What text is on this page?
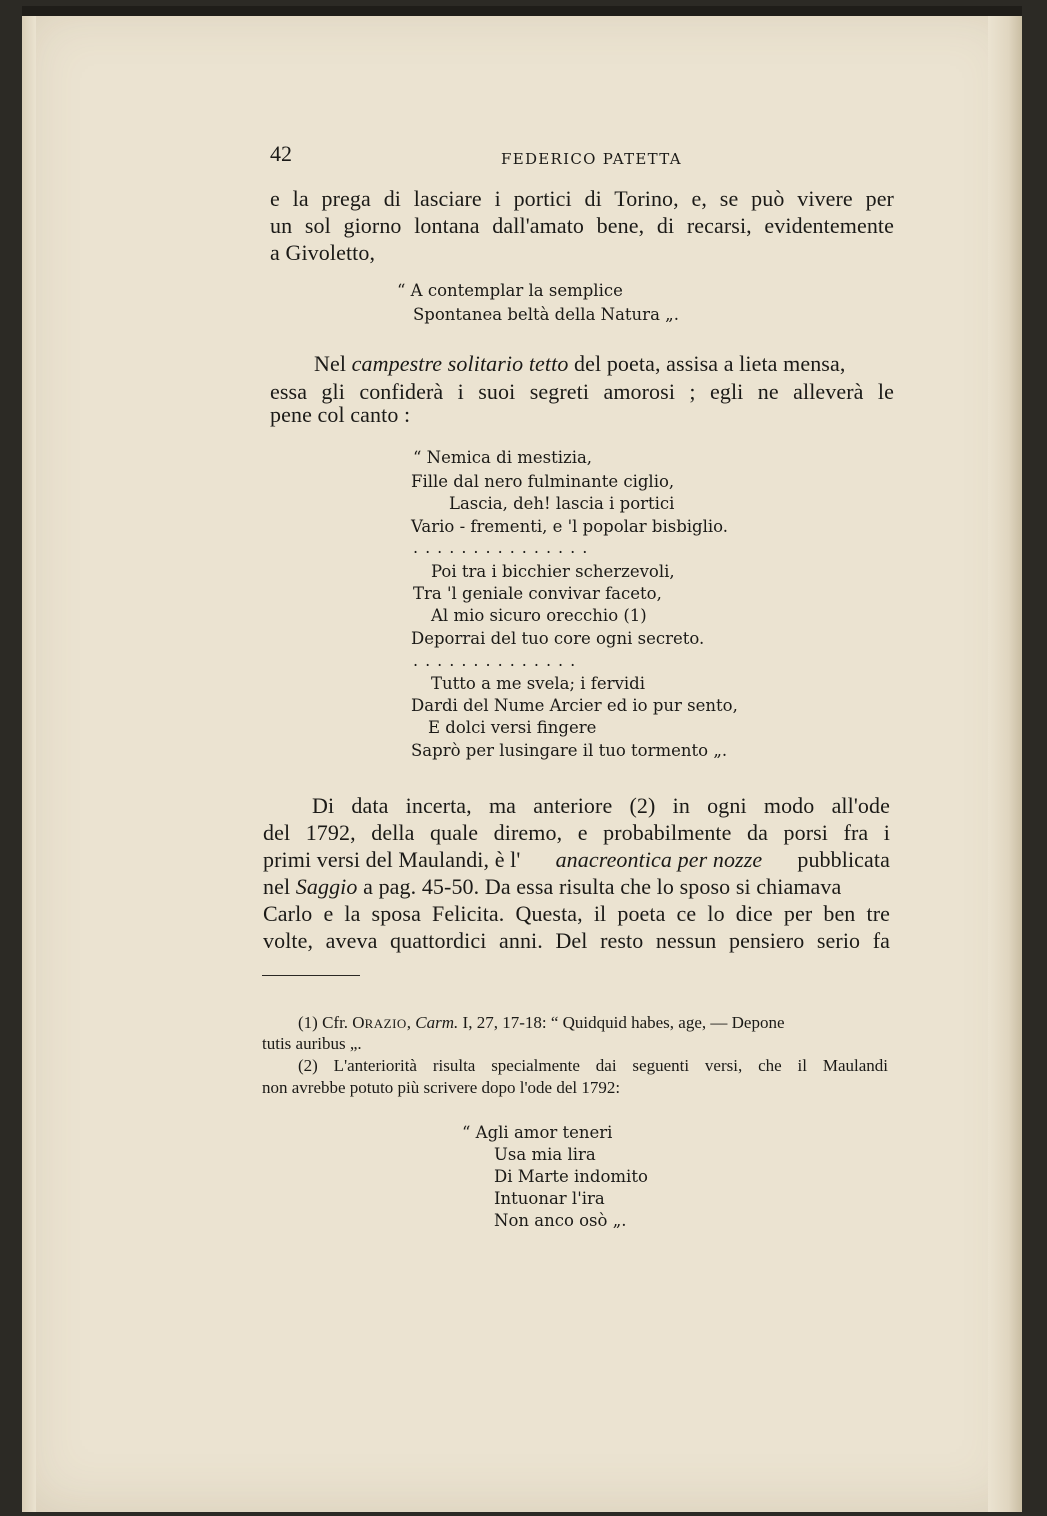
42	FEDERICO PATETTA
e la prega di lasciare i portici di Torino, e, se può vivere per
un sol giorno lontana dall'amato bene, di recarsi, evidentemente
a Givoletto,
“ A contemplar la semplice
Spontanea beltà della Natura „.
Nel campestre solitario tetto del poeta, assisa a lieta mensa,
essa gli confiderà i suoi segreti amorosi ; egli ne alleverà le
pene col canto :
“ Nemica di mestizia,
Fille dal nero fulminante ciglio,
Lascia, deh! lascia i portici
Vario - frementi, e 'l popolar bisbiglio.
...............
Poi tra i bicchier scherzevoli,
Tra 'l geniale convivar faceto,
Al mio sicuro orecchio (1)
Deporrai del tuo core ogni secreto.
..............
Tutto a me svela; i fervidi
Dardi del Nume Arcier ed io pur sento,
E dolci versi fingere
Saprò per lusingare il tuo tormento „.
Di data incerta, ma anteriore (2) in ogni modo all'ode
del 1792, della quale diremo, e probabilmente da porsi fra i
primi versi del Maulandi, è l' anacreontica per nozze pubblicata
nel Saggio a pag. 45-50. Da essa risulta che lo sposo si chiamava
Carlo e la sposa Felicita. Questa, il poeta ce lo dice per ben tre
volte, aveva quattordici anni. Del resto nessun pensiero serio fa
(1) Cfr. ORAZIO, Carm. I, 27, 17-18: “ Quidquid habes, age, — Depone
tutis auribus „.
(2) L'anteriorità risulta specialmente dai seguenti versi, che il Maulandi
non avrebbe potuto più scrivere dopo l'ode del 1792:
“ Agli amor teneri
Usa mia lira
Di Marte indomito
Intuonar l'ira
Non anco osò „.
